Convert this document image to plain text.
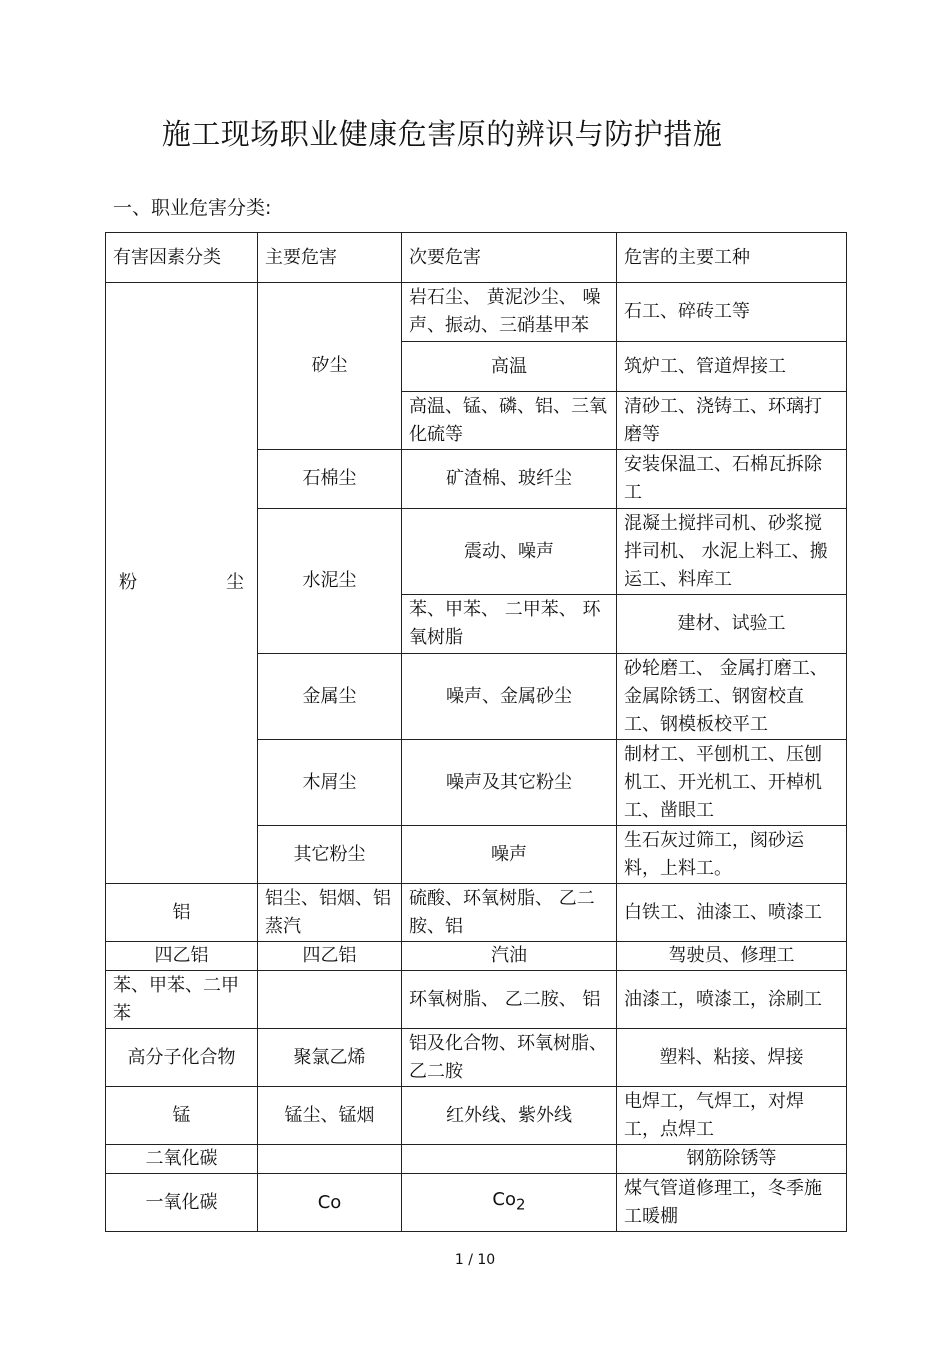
施工现场职业健康危害原的辨识与防护措施
一、职业危害分类:
有害因素分类	主要危害	次要危害	危害的主要工种

粉 尘	矽尘	岩石尘、 黄泥沙尘、 噪声、振动、三硝基甲苯	石工、碎砖工等
		高温	筑炉工、管道焊接工
		高温、锰、磷、铝、三氧化硫等	清砂工、浇铸工、环璃打磨等
	石棉尘	矿渣棉、玻纤尘	安装保温工、石棉瓦拆除工
	水泥尘	震动、噪声	混凝土搅拌司机、砂浆搅拌司机、 水泥上料工、搬运工、料库工
		苯、甲苯、 二甲苯、 环氧树脂	建材、试验工
	金属尘	噪声、金属砂尘	砂轮磨工、 金属打磨工、金属除锈工、钢窗校直工、钢模板校平工
	木屑尘	噪声及其它粉尘	制材工、平刨机工、压刨机工、开光机工、开棹机工、凿眼工
	其它粉尘	噪声	生石灰过筛工，阂砂运料，上料工。
铝	铝尘、铝烟、铝蒸汽	硫酸、环氧树脂、 乙二胺、铝	白铁工、油漆工、喷漆工
四乙铝	四乙铝	汽油	驾驶员、修理工
苯、甲苯、二甲苯		环氧树脂、 乙二胺、 铝	油漆工，喷漆工，涂刷工
高分子化合物	聚氯乙烯	铝及化合物、环氧树脂、乙二胺	塑料、粘接、焊接
锰	锰尘、锰烟	红外线、紫外线	电焊工，气焊工，对焊工，点焊工
二氧化碳			钢筋除锈等
一氧化碳	Co	$Co_2$	煤气管道修理工，冬季施工暖棚
1 / 10
